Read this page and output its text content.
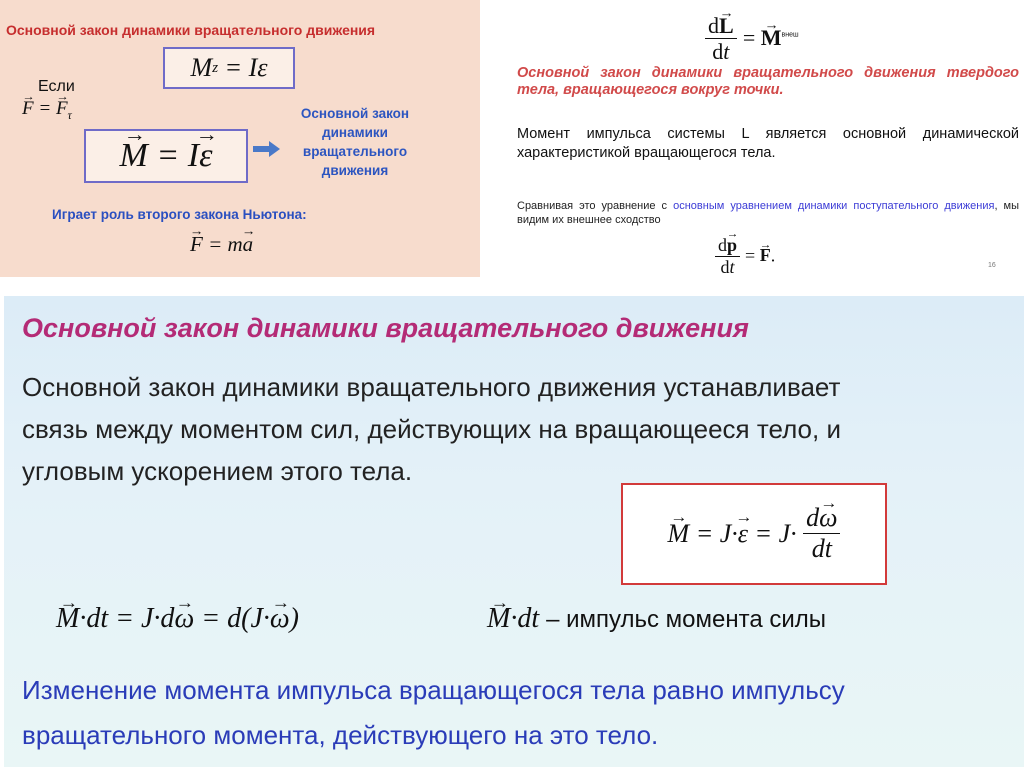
Основной закон динамики вращательного движения
Если
→ F = → $F_\tau$
M z = Iε
→ M = I
→ ε
Основной закон
динамики
вращательного
движения
Играет роль второго закона Ньютона:
→ F = m→ a
$\frac{d\to L}{dt}$ = → $M^{внеш}$
Основной закон динамики вращательного движения твердого тела, вращающегося вокруг точки.
Момент импульса системы L является основной динамической характеристикой вращающегося тела.
Сравнивая это уравнение с основным уравнением динамики поступательного движения, мы видим их внешнее сходство
$\frac{d\to p}{dt}$ = → F.
16
Основной закон динамики вращательного движения
Основной закон динамики вращательного движения устанавливает
связь между моментом сил, действующих на вращающееся тело, и
угловым ускорением этого тела.
→ M = J·
→ $\varepsilon = J\cdot \frac{d\to \omega}{dt}$
→ M·dt = J·d→ ω = d(J·→ ω)
→	M·dt – импульс момента силы
Изменение момента импульса вращающегося тела равно импульсу
вращательного момента, действующего на это тело.
